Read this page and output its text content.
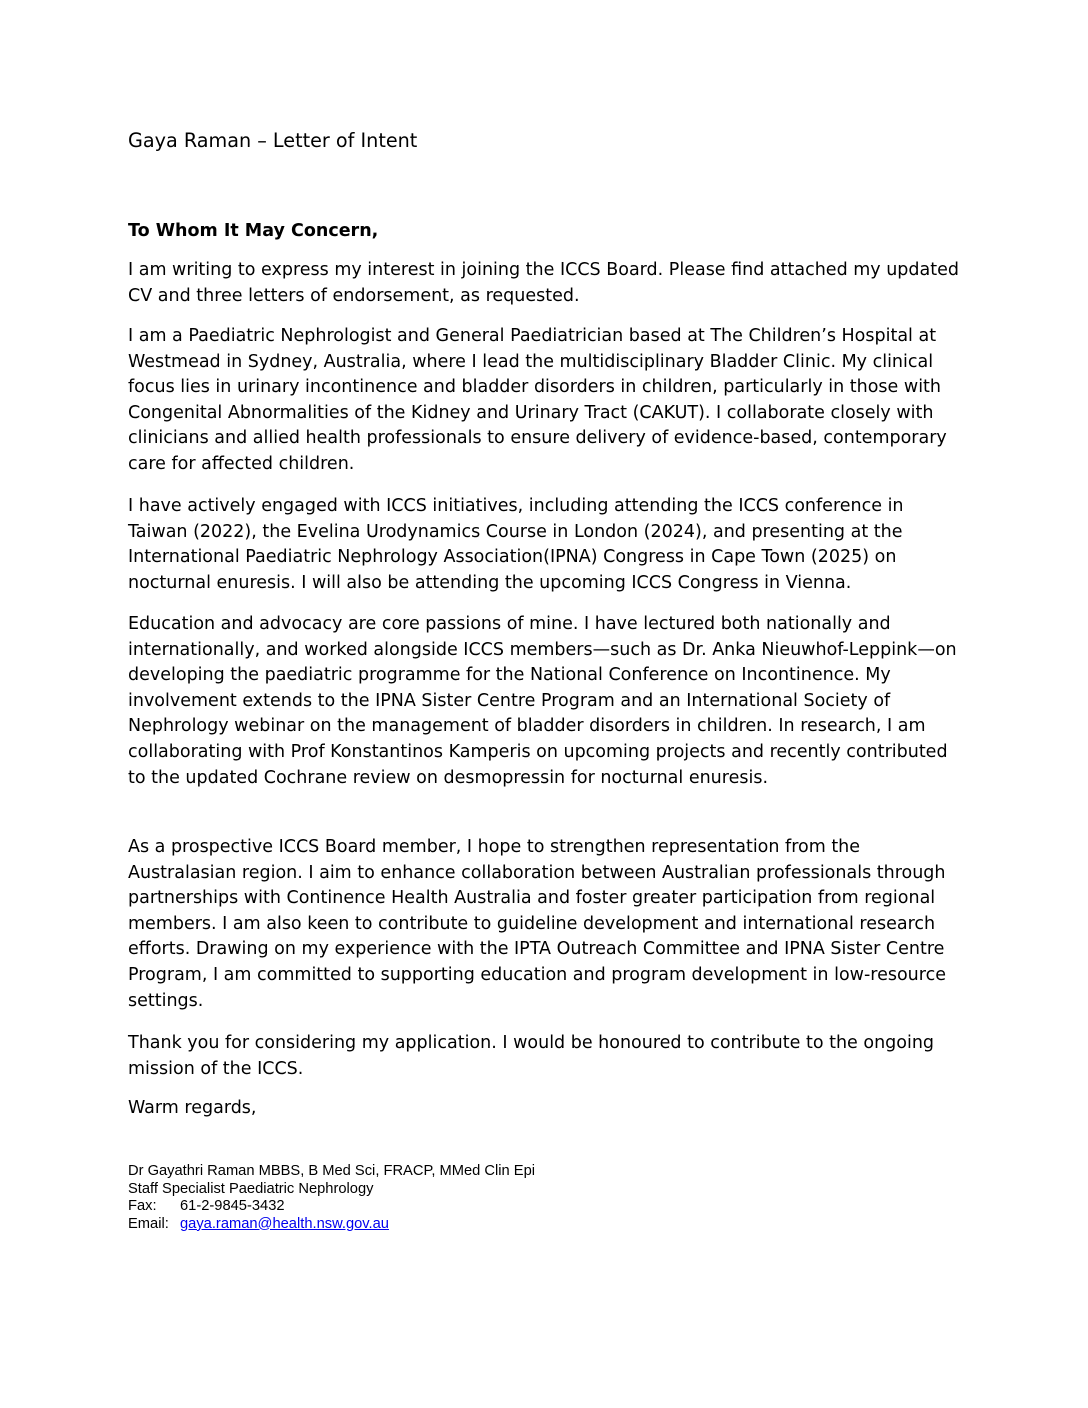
Gaya Raman – Letter of Intent

To Whom It May Concern,

I am writing to express my interest in joining the ICCS Board. Please find attached my updated CV and three letters of endorsement, as requested.

I am a Paediatric Nephrologist and General Paediatrician based at The Children’s Hospital at Westmead in Sydney, Australia, where I lead the multidisciplinary Bladder Clinic. My clinical focus lies in urinary incontinence and bladder disorders in children, particularly in those with Congenital Abnormalities of the Kidney and Urinary Tract (CAKUT). I collaborate closely with clinicians and allied health professionals to ensure delivery of evidence-based, contemporary care for affected children.

I have actively engaged with ICCS initiatives, including attending the ICCS conference in Taiwan (2022), the Evelina Urodynamics Course in London (2024), and presenting at the International Paediatric Nephrology Association(IPNA) Congress in Cape Town (2025) on nocturnal enuresis. I will also be attending the upcoming ICCS Congress in Vienna.

Education and advocacy are core passions of mine. I have lectured both nationally and internationally, and worked alongside ICCS members—such as Dr. Anka Nieuwhof-Leppink—on developing the paediatric programme for the National Conference on Incontinence. My involvement extends to the IPNA Sister Centre Program and an International Society of Nephrology webinar on the management of bladder disorders in children. In research, I am collaborating with Prof Konstantinos Kamperis on upcoming projects and recently contributed to the updated Cochrane review on desmopressin for nocturnal enuresis.

As a prospective ICCS Board member, I hope to strengthen representation from the Australasian region. I aim to enhance collaboration between Australian professionals through partnerships with Continence Health Australia and foster greater participation from regional members. I am also keen to contribute to guideline development and international research efforts. Drawing on my experience with the IPTA Outreach Committee and IPNA Sister Centre Program, I am committed to supporting education and program development in low-resource settings.

Thank you for considering my application. I would be honoured to contribute to the ongoing mission of the ICCS.

Warm regards,

Dr Gayathri Raman MBBS, B Med Sci, FRACP, MMed Clin Epi
Staff Specialist Paediatric Nephrology
Fax: 61-2-9845-3432
Email: gaya.raman@health.nsw.gov.au
